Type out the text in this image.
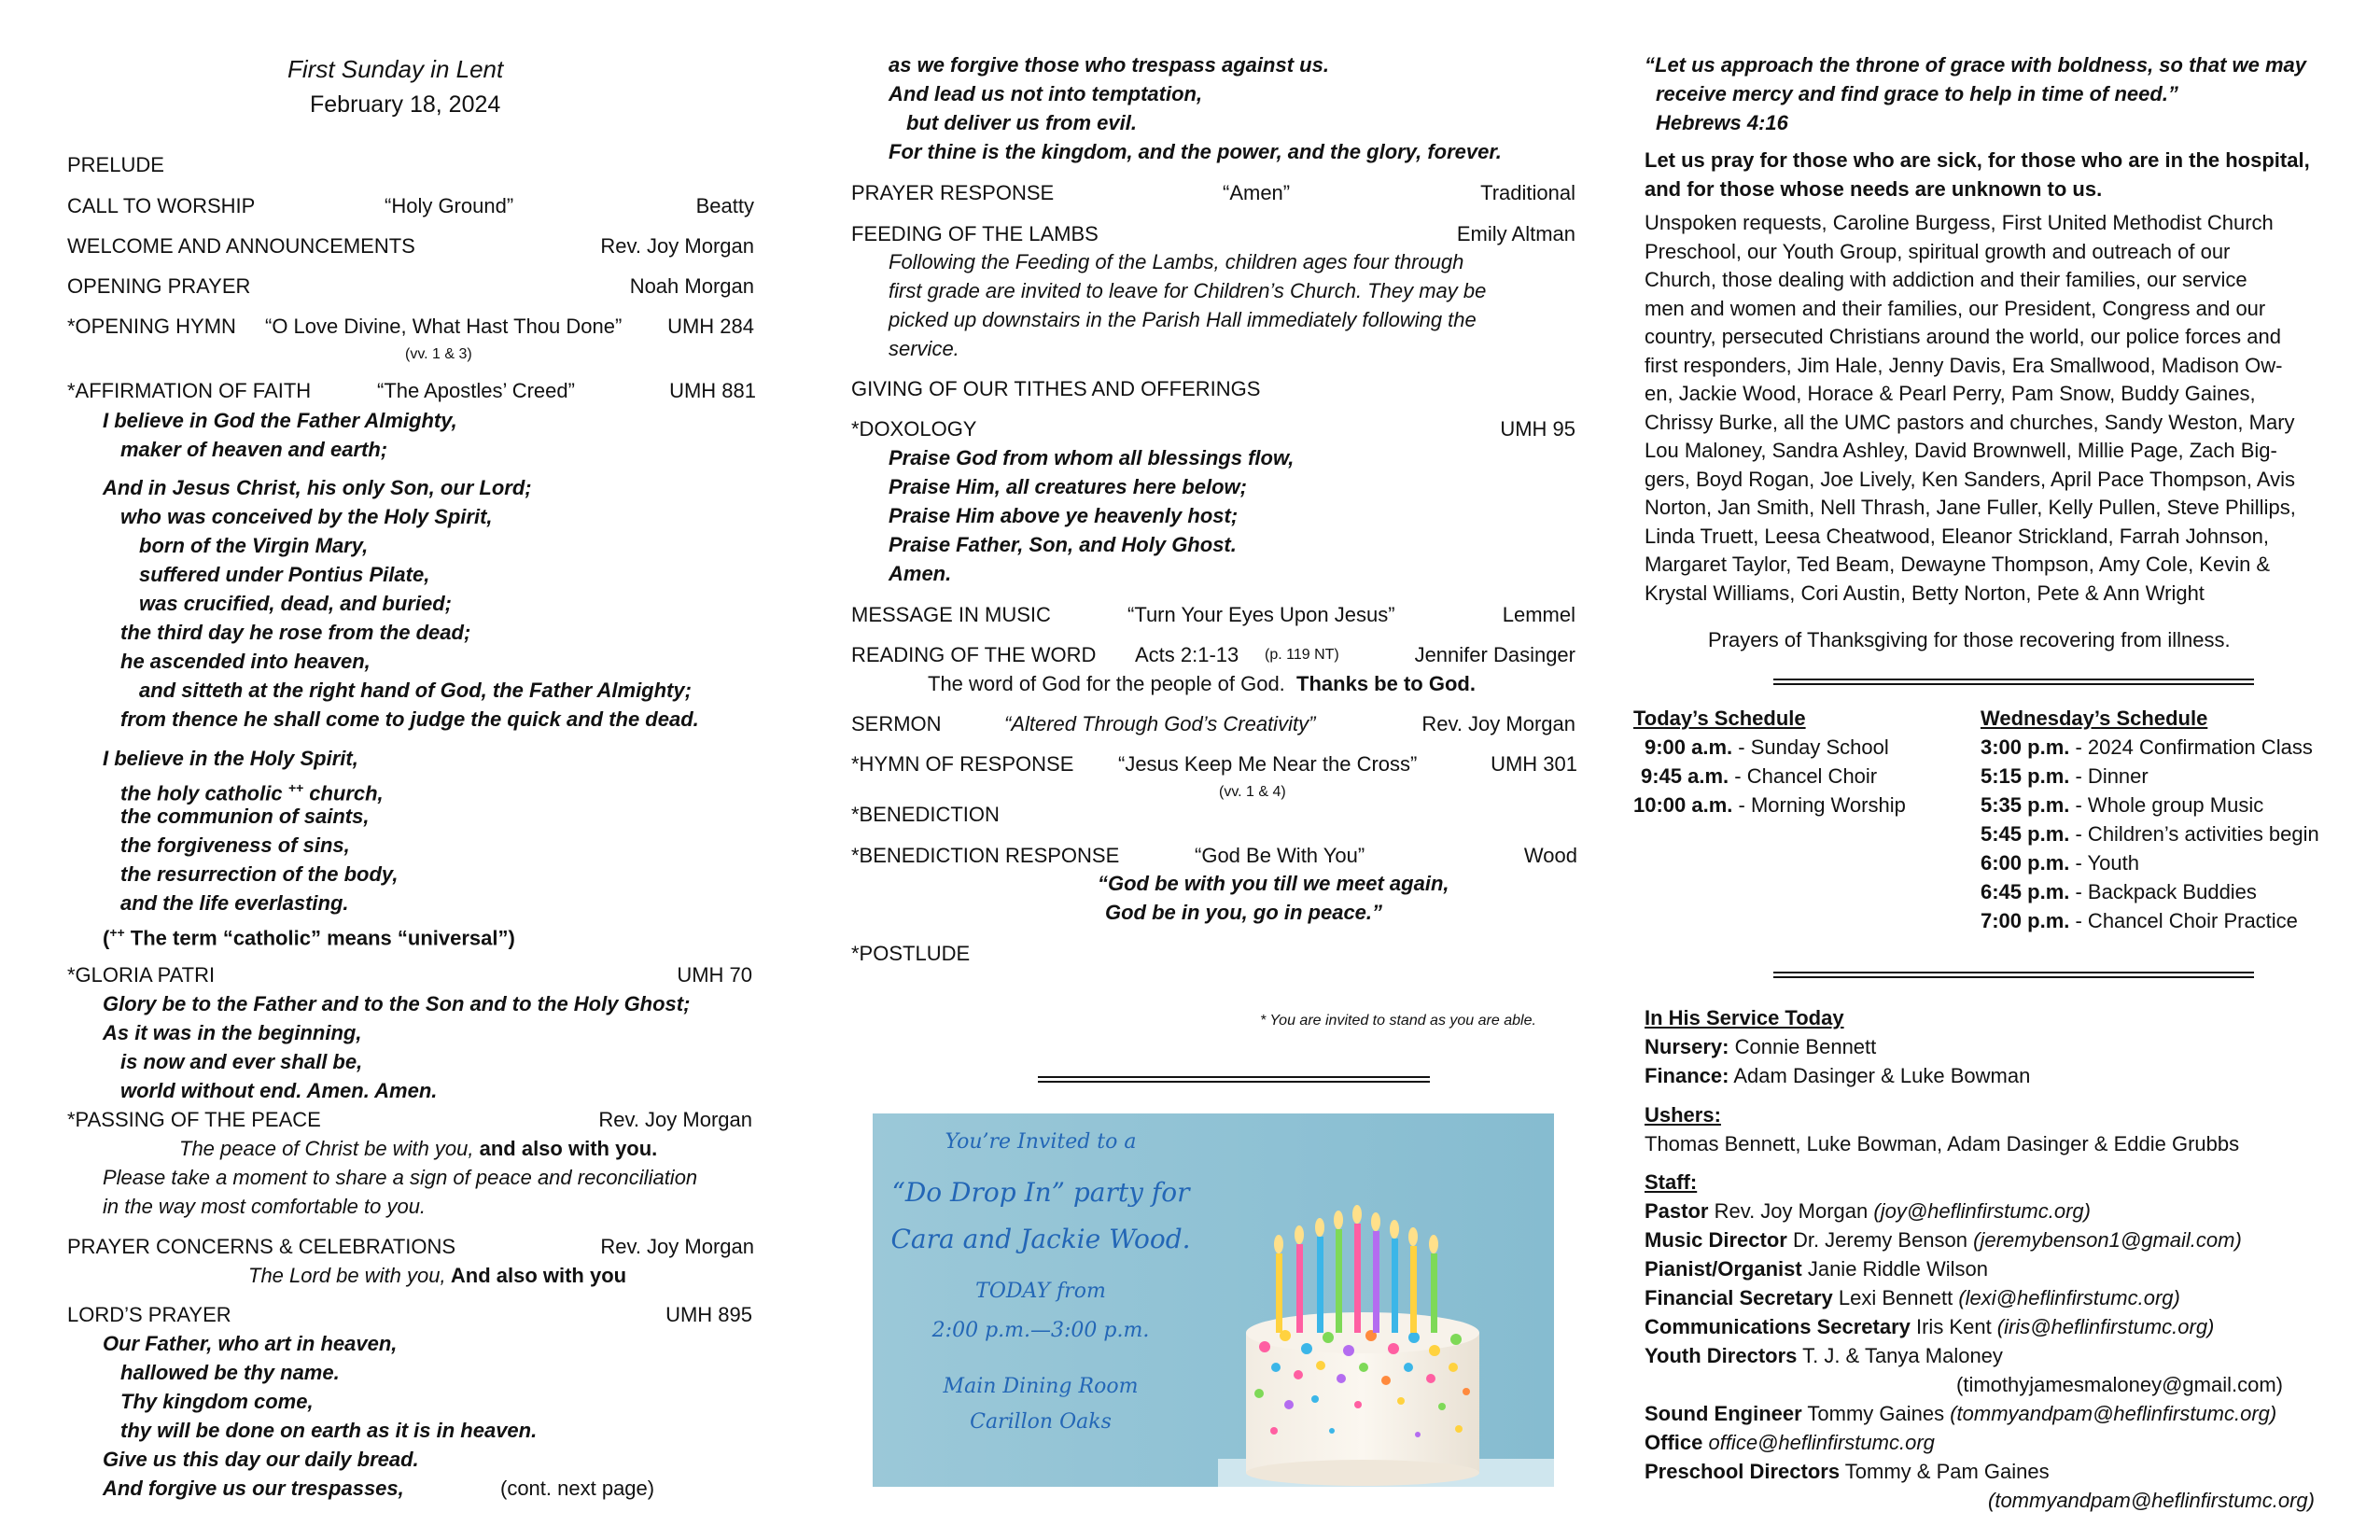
First Sunday in Lent
February 18, 2024
PRELUDE
CALL TO WORSHIP	“Holy Ground”	Beatty
WELCOME AND ANNOUNCEMENTS	Rev. Joy Morgan
OPENING PRAYER	Noah Morgan
*OPENING HYMN “O Love Divine, What Hast Thou Done” UMH 284
(vv. 1 & 3)
*AFFIRMATION OF FAITH	“The Apostles’ Creed”	UMH 881
I believe in God the Father Almighty,
maker of heaven and earth;
And in Jesus Christ, his only Son, our Lord;
who was conceived by the Holy Spirit,
born of the Virgin Mary,
suffered under Pontius Pilate,
was crucified, dead, and buried;
the third day he rose from the dead;
he ascended into heaven,
and sitteth at the right hand of God, the Father Almighty;
from thence he shall come to judge the quick and the dead.
I believe in the Holy Spirit,
the holy catholic ++ church,
the communion of saints,
the forgiveness of sins,
the resurrection of the body,
and the life everlasting.
(++ The term “catholic” means “universal”)
*GLORIA PATRI	UMH 70
Glory be to the Father and to the Son and to the Holy Ghost;
As it was in the beginning,
is now and ever shall be,
world without end. Amen. Amen.
*PASSING OF THE PEACE	Rev. Joy Morgan
The peace of Christ be with you, and also with you.
Please take a moment to share a sign of peace and reconciliation
in the way most comfortable to you.
PRAYER CONCERNS & CELEBRATIONS	Rev. Joy Morgan
The Lord be with you, And also with you
LORD’S PRAYER	UMH 895
Our Father, who art in heaven,
hallowed be thy name.
Thy kingdom come,
thy will be done on earth as it is in heaven.
Give us this day our daily bread.
And forgive us our trespasses,	(cont. next page)
as we forgive those who trespass against us.
And lead us not into temptation,
but deliver us from evil.
For thine is the kingdom, and the power, and the glory, forever.
PRAYER RESPONSE	“Amen”	Traditional
FEEDING OF THE LAMBS	Emily Altman
Following the Feeding of the Lambs, children ages four through
first grade are invited to leave for Children’s Church. They may be
picked up downstairs in the Parish Hall immediately following the
service.
GIVING OF OUR TITHES AND OFFERINGS
*DOXOLOGY	UMH 95
Praise God from whom all blessings flow,
Praise Him, all creatures here below;
Praise Him above ye heavenly host;
Praise Father, Son, and Holy Ghost.
Amen.
MESSAGE IN MUSIC	“Turn Your Eyes Upon Jesus”	Lemmel
READING OF THE WORD Acts 2:1-13 (p. 119 NT)	Jennifer Dasinger
The word of God for the people of God. Thanks be to God.
SERMON	“Altered Through God’s Creativity”	Rev. Joy Morgan
*HYMN OF RESPONSE “Jesus Keep Me Near the Cross”	UMH 301
(vv. 1 & 4)
*BENEDICTION
*BENEDICTION RESPONSE	“God Be With You”	Wood
“God be with you till we meet again,
God be in you, go in peace.”
*POSTLUDE
* You are invited to stand as you are able.
You’re Invited to a
“Do Drop In” party for
Cara and Jackie Wood.
TODAY from
2:00 p.m.—3:00 p.m.
Main Dining Room
Carillon Oaks
“Let us approach the throne of grace with boldness, so that we may
receive mercy and find grace to help in time of need.”
Hebrews 4:16
Let us pray for those who are sick, for those who are in the hospital,
and for those whose needs are unknown to us.
Unspoken requests, Caroline Burgess, First United Methodist Church
Preschool, our Youth Group, spiritual growth and outreach of our
Church, those dealing with addiction and their families, our service
men and women and their families, our President, Congress and our
country, persecuted Christians around the world, our police forces and
first responders, Jim Hale, Jenny Davis, Era Smallwood, Madison Ow-
en, Jackie Wood, Horace & Pearl Perry, Pam Snow, Buddy Gaines,
Chrissy Burke, all the UMC pastors and churches, Sandy Weston, Mary
Lou Maloney, Sandra Ashley, David Brownwell, Millie Page, Zach Big-
gers, Boyd Rogan, Joe Lively, Ken Sanders, April Pace Thompson, Avis
Norton, Jan Smith, Nell Thrash, Jane Fuller, Kelly Pullen, Steve Phillips,
Linda Truett, Leesa Cheatwood, Eleanor Strickland, Farrah Johnson,
Margaret Taylor, Ted Beam, Dewayne Thompson, Amy Cole, Kevin &
Krystal Williams, Cori Austin, Betty Norton, Pete & Ann Wright
Prayers of Thanksgiving for those recovering from illness.
Today’s Schedule
9:00 a.m. - Sunday School
9:45 a.m. - Chancel Choir
10:00 a.m. - Morning Worship
Wednesday’s Schedule
3:00 p.m. - 2024 Confirmation Class
5:15 p.m. - Dinner
5:35 p.m. - Whole group Music
5:45 p.m. - Children’s activities begin
6:00 p.m. - Youth
6:45 p.m. - Backpack Buddies
7:00 p.m. - Chancel Choir Practice
In His Service Today
Nursery: Connie Bennett
Finance: Adam Dasinger & Luke Bowman
Ushers:
Thomas Bennett, Luke Bowman, Adam Dasinger & Eddie Grubbs
Staff:
Pastor Rev. Joy Morgan (joy@heflinfirstumc.org)
Music Director Dr. Jeremy Benson (jeremybenson1@gmail.com)
Pianist/Organist Janie Riddle Wilson
Financial Secretary Lexi Bennett (lexi@heflinfirstumc.org)
Communications Secretary Iris Kent (iris@heflinfirstumc.org)
Youth Directors T. J. & Tanya Maloney
(timothyjamesmaloney@gmail.com)
Sound Engineer Tommy Gaines (tommyandpam@heflinfirstumc.org)
Office office@heflinfirstumc.org
Preschool Directors Tommy & Pam Gaines
(tommyandpam@heflinfirstumc.org)
